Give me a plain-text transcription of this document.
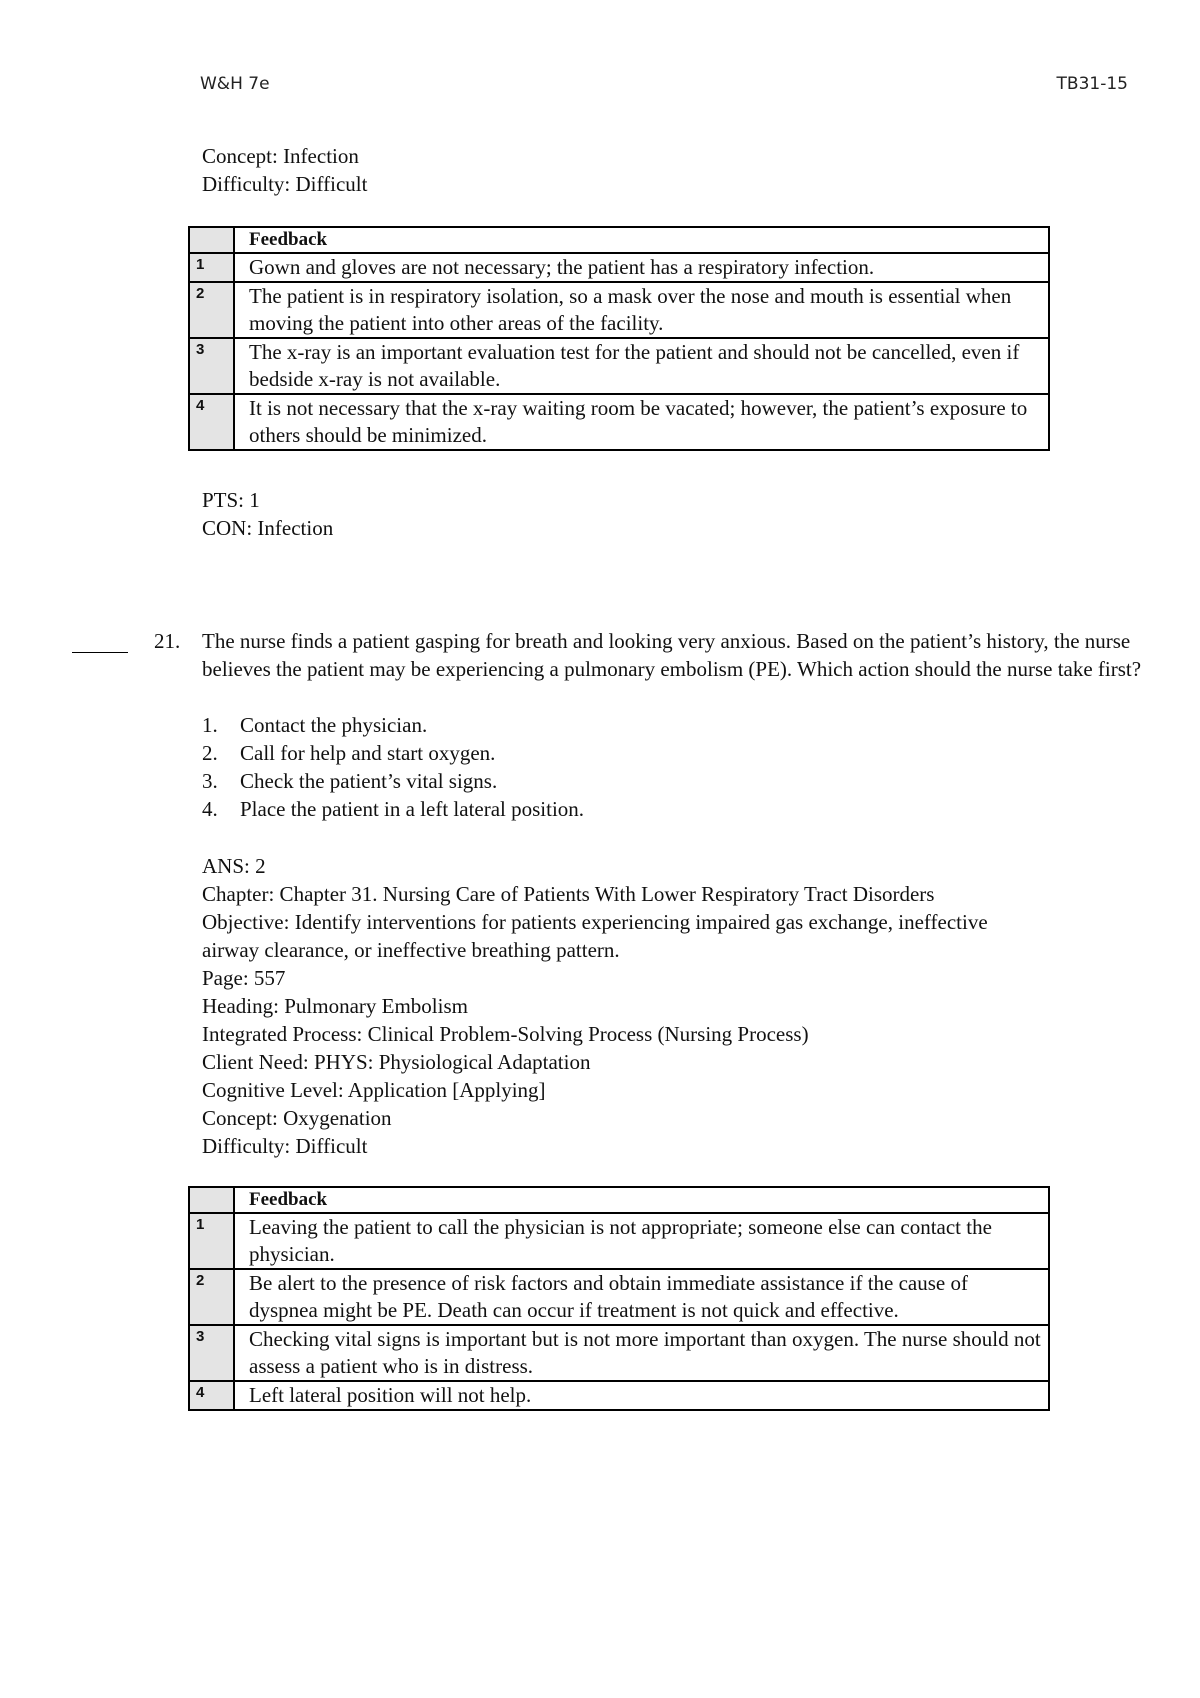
W&H 7e	TB31-15
Concept: Infection
Difficulty: Difficult
	Feedback
1	Gown and gloves are not necessary; the patient has a respiratory infection.
2	The patient is in respiratory isolation, so a mask over the nose and mouth is essential when moving the patient into other areas of the facility.
3	The x-ray is an important evaluation test for the patient and should not be cancelled, even if bedside x-ray is not available.
4	It is not necessary that the x-ray waiting room be vacated; however, the patient’s exposure to others should be minimized.
PTS: 1
CON: Infection
21. The nurse finds a patient gasping for breath and looking very anxious. Based on the patient’s history, the nurse believes the patient may be experiencing a pulmonary embolism (PE). Which action should the nurse take first?
1.	Contact the physician.
2.	Call for help and start oxygen.
3.	Check the patient’s vital signs.
4.	Place the patient in a left lateral position.
ANS: 2
Chapter: Chapter 31. Nursing Care of Patients With Lower Respiratory Tract Disorders
Objective: Identify interventions for patients experiencing impaired gas exchange, ineffective
airway clearance, or ineffective breathing pattern.
Page: 557
Heading: Pulmonary Embolism
Integrated Process: Clinical Problem-Solving Process (Nursing Process)
Client Need: PHYS: Physiological Adaptation
Cognitive Level: Application [Applying]
Concept: Oxygenation
Difficulty: Difficult
	Feedback
1	Leaving the patient to call the physician is not appropriate; someone else can contact the physician.
2	Be alert to the presence of risk factors and obtain immediate assistance if the cause of dyspnea might be PE. Death can occur if treatment is not quick and effective.
3	Checking vital signs is important but is not more important than oxygen. The nurse should not assess a patient who is in distress.
4	Left lateral position will not help.
